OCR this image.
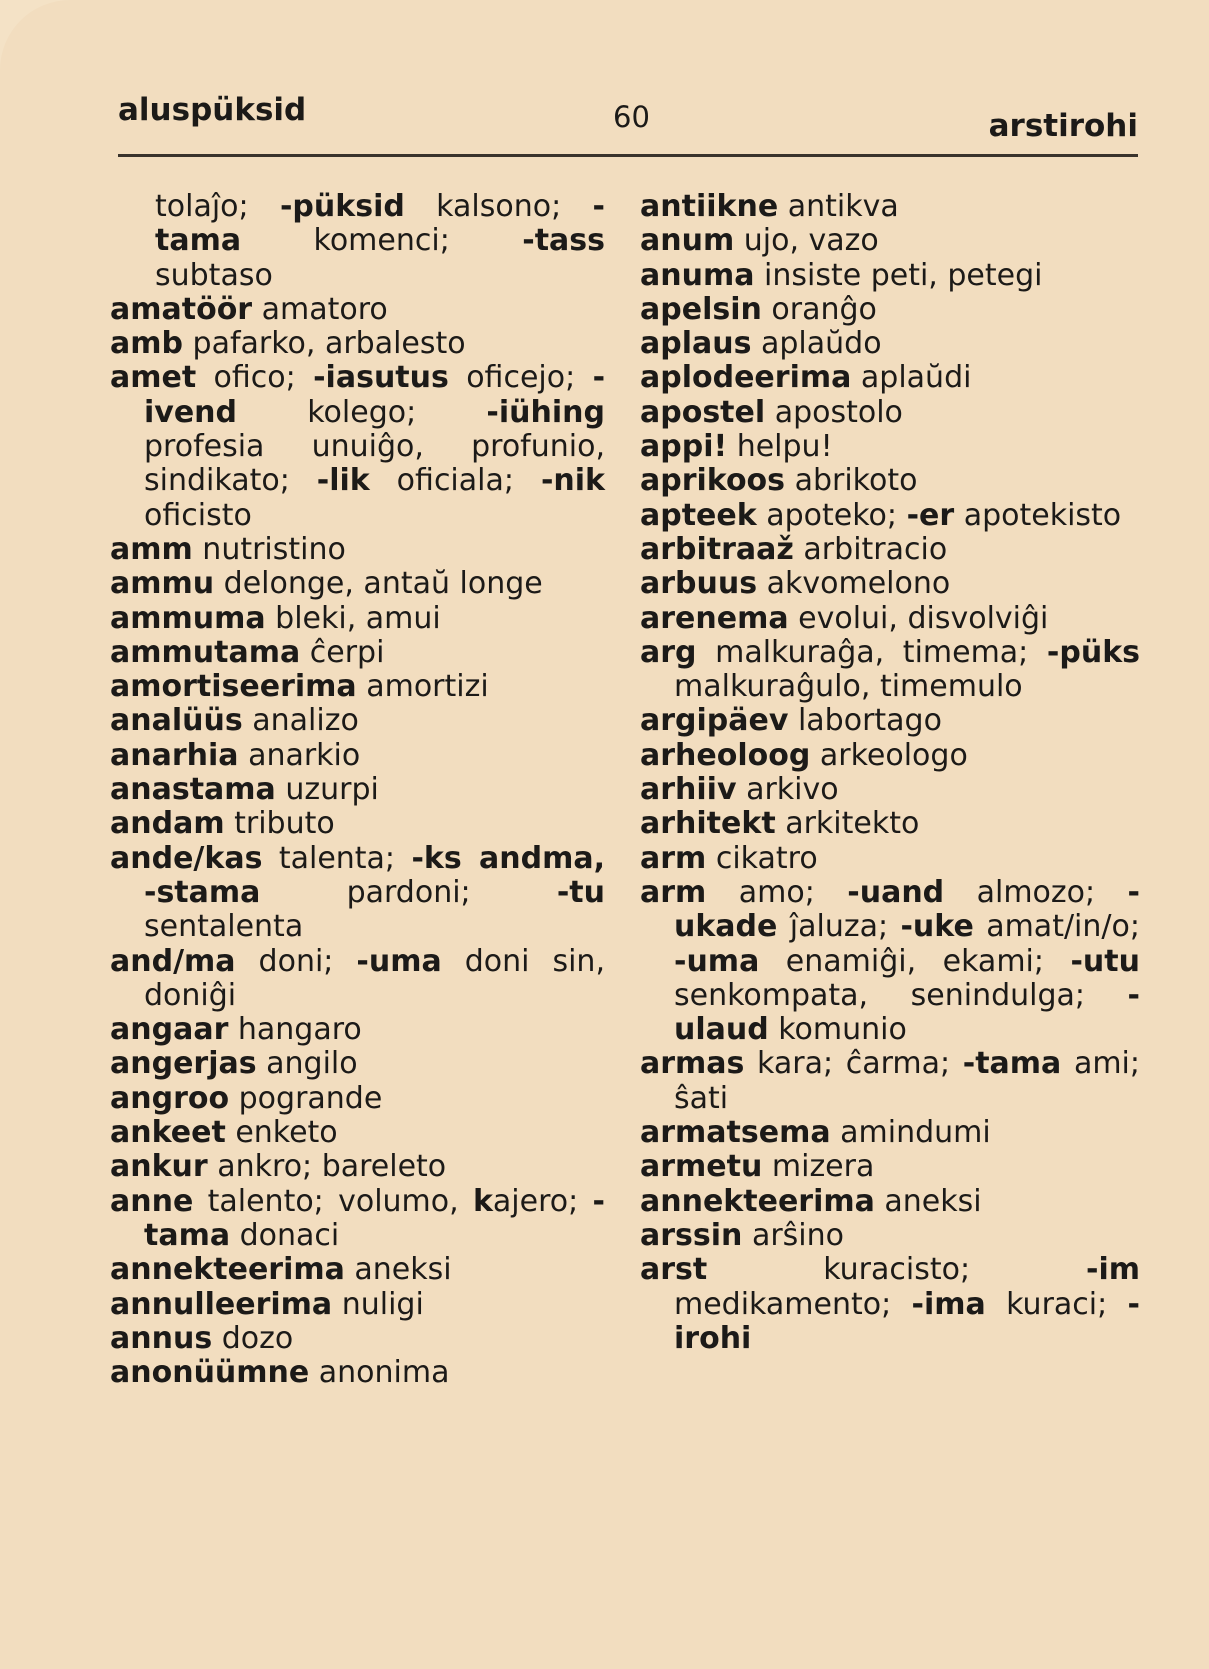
aluspüksid	60	arstirohi

tolaĵo; -püksid kalsono; -tama komenci; -tass subtaso

amatöör amatoro

amb pafarko, arbalesto

amet ofico; -iasutus oficejo; -ivend kolego; -iühing profesia unuiĝo, profunio, sindikato; -lik oficiala; -nik oficisto

amm nutristino

ammu delonge, antaŭ longe

ammuma bleki, amui

ammutama ĉerpi

amortiseerima amortizi

analüüs analizo

anarhia anarkio

anastama uzurpi

andam tributo

ande/kas talenta; -ks andma, -stama pardoni; -tu sentalenta

and/ma doni; -uma doni sin, doniĝi

angaar hangaro

angerjas angilo

angroo pogrande

ankeet enketo

ankur ankro; bareleto

anne talento; volumo, kajero; -tama donaci

annekteerima aneksi

annulleerima nuligi

annus dozo

anonüümne anonima

antiikne antikva

anum ujo, vazo

anuma insiste peti, petegi

apelsin oranĝo

aplaus aplaŭdo

aplodeerima aplaŭdi

apostel apostolo

appi! helpu!

aprikoos abrikoto

apteek apoteko; -er apotekisto

arbitraaž arbitracio

arbuus akvomelono

arenema evolui, disvolviĝi

arg malkuraĝa, timema; -püks malkuraĝulo, timemulo

argipäev labortago

arheoloog arkeologo

arhiiv arkivo

arhitekt arkitekto

arm cikatro

arm amo; -uand almozo; -ukade ĵaluza; -uke amat/in/o; -uma enamiĝi, ekami; -utu senkompata, senindulga; -ulaud komunio

armas kara; ĉarma; -tama ami; ŝati

armatsema amindumi

armetu mizera

annekteerima aneksi

arssin arŝino

arst kuracisto; -im medikamento; -ima kuraci; -irohi
